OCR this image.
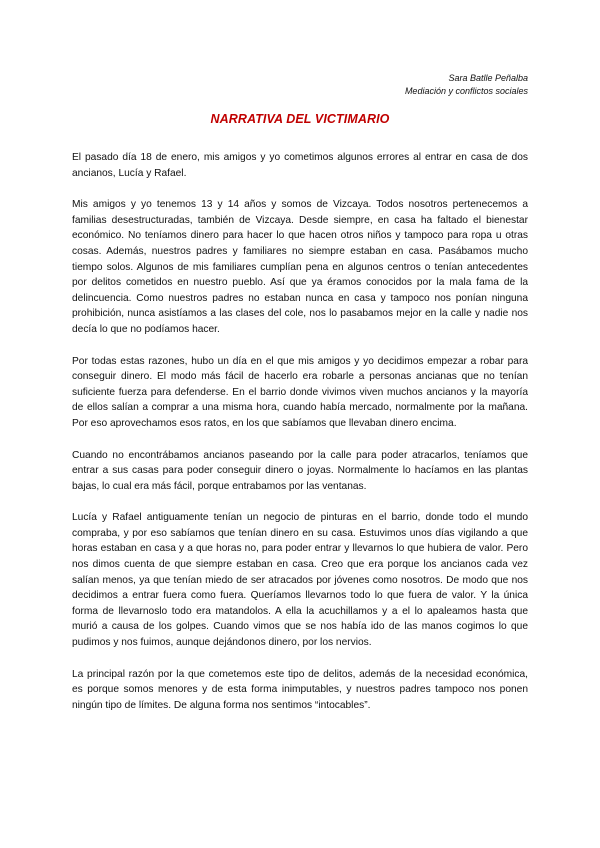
Sara Batlle Peñalba
Mediación y conflictos sociales
NARRATIVA DEL VICTIMARIO

El pasado día 18 de enero, mis amigos y yo cometimos algunos errores al entrar en casa de dos ancianos, Lucía y Rafael.

Mis amigos y yo tenemos 13 y 14 años y somos de Vizcaya. Todos nosotros pertenecemos a familias desestructuradas, también de Vizcaya. Desde siempre, en casa ha faltado el bienestar económico. No teníamos dinero para hacer lo que hacen otros niños y tampoco para ropa u otras cosas. Además, nuestros padres y familiares no siempre estaban en casa. Pasábamos mucho tiempo solos. Algunos de mis familiares cumplían pena en algunos centros o tenían antecedentes por delitos cometidos en nuestro pueblo. Así que ya éramos conocidos por la mala fama de la delincuencia. Como nuestros padres no estaban nunca en casa y tampoco nos ponían ninguna prohibición, nunca asistíamos a las clases del cole, nos lo pasabamos mejor en la calle y nadie nos decía lo que no podíamos hacer.

Por todas estas razones, hubo un día en el que mis amigos y yo decidimos empezar a robar para conseguir dinero. El modo más fácil de hacerlo era robarle a personas ancianas que no tenían suficiente fuerza para defenderse. En el barrio donde vivimos viven muchos ancianos y la mayoría de ellos salían a comprar a una misma hora, cuando había mercado, normalmente por la mañana. Por eso aprovechamos esos ratos, en los que sabíamos que llevaban dinero encima.

Cuando no encontrábamos ancianos paseando por la calle para poder atracarlos, teníamos que entrar a sus casas para poder conseguir dinero o joyas. Normalmente lo hacíamos en las plantas bajas, lo cual era más fácil, porque entrabamos por las ventanas.

Lucía y Rafael antiguamente tenían un negocio de pinturas en el barrio, donde todo el mundo compraba, y por eso sabíamos que tenían dinero en su casa. Estuvimos unos días vigilando a que horas estaban en casa y a que horas no, para poder entrar y llevarnos lo que hubiera de valor. Pero nos dimos cuenta de que siempre estaban en casa. Creo que era porque los ancianos cada vez salían menos, ya que tenían miedo de ser atracados por jóvenes como nosotros. De modo que nos decidimos a entrar fuera como fuera. Queríamos llevarnos todo lo que fuera de valor. Y la única forma de llevarnoslo todo era matandolos. A ella la acuchillamos y a el lo apaleamos hasta que murió a causa de los golpes. Cuando vimos que se nos había ido de las manos cogimos lo que pudimos y nos fuimos, aunque dejándonos dinero, por los nervios.

La principal razón por la que cometemos este tipo de delitos, además de la necesidad económica, es porque somos menores y de esta forma inimputables, y nuestros padres tampoco nos ponen ningún tipo de límites. De alguna forma nos sentimos “intocables”.
